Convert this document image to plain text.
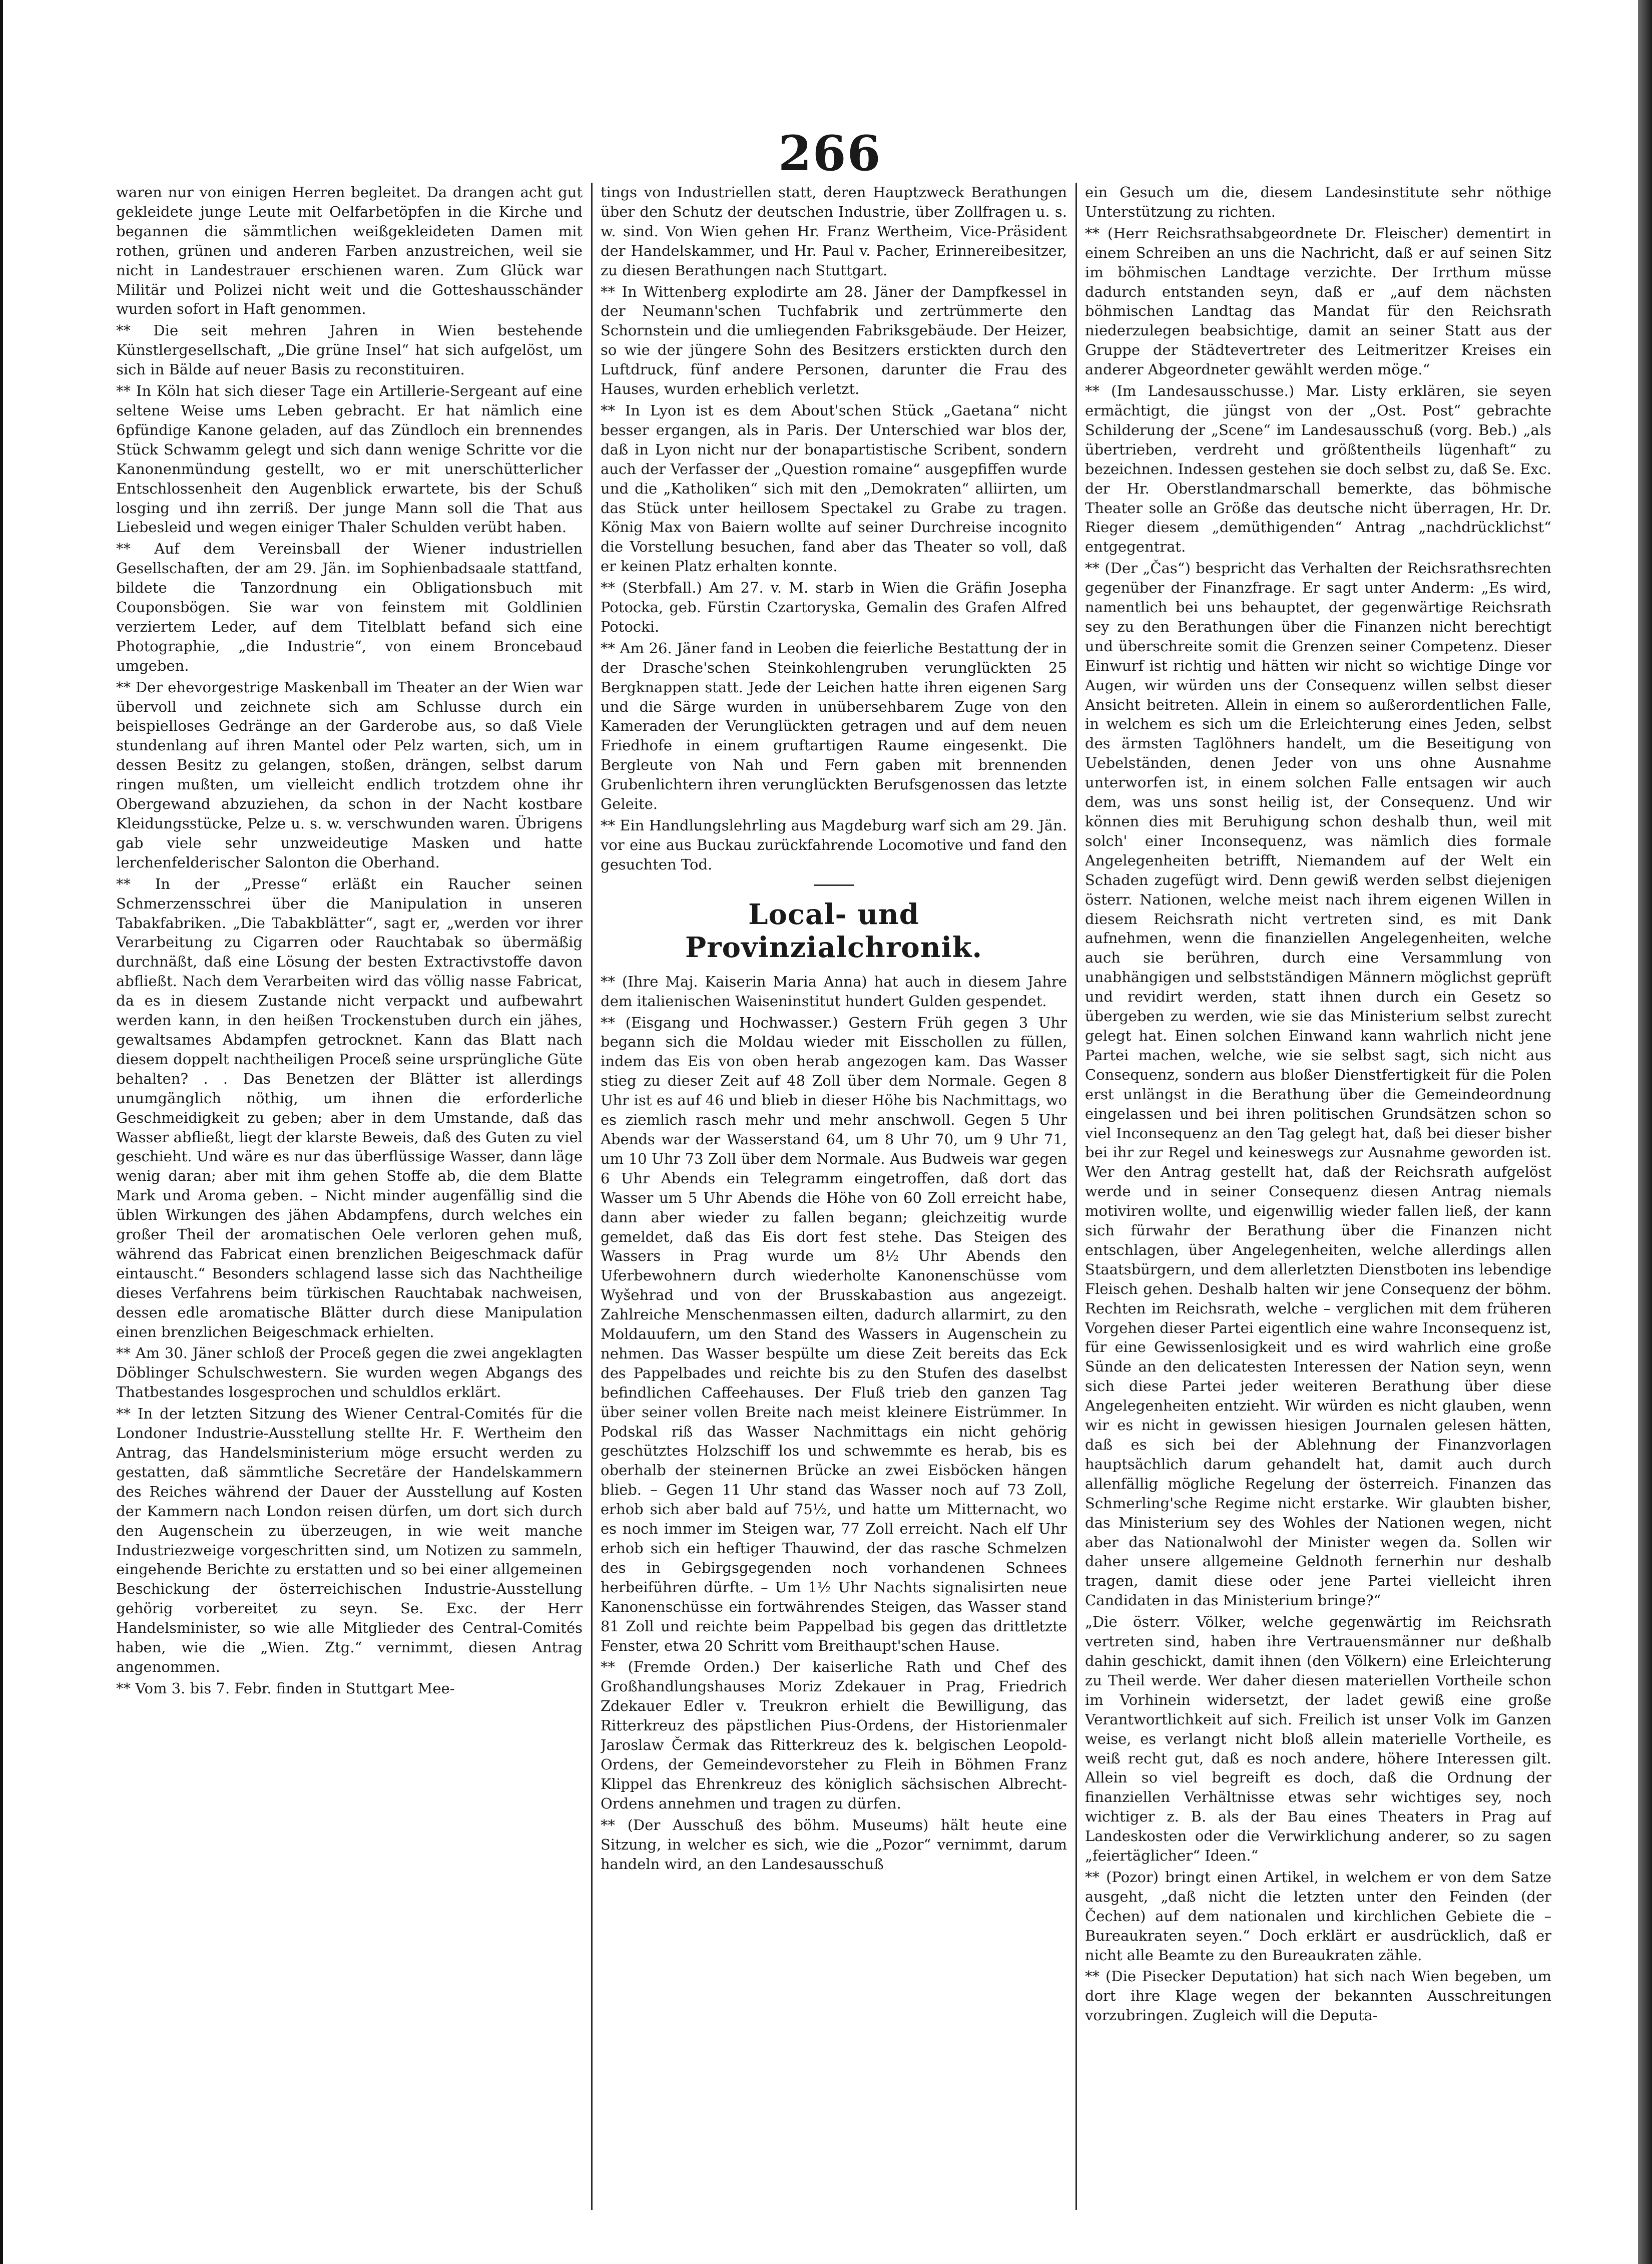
266

waren nur von einigen Herren begleitet. Da drangen acht gut gekleidete junge Leute mit Oelfarbetöpfen in die Kirche und begannen die sämmtlichen weißgekleideten Damen mit rothen, grünen und anderen Farben anzustreichen, weil sie nicht in Landestrauer erschienen waren. Zum Glück war Militär und Polizei nicht weit und die Gotteshausschänder wurden sofort in Haft genommen.

** Die seit mehren Jahren in Wien bestehende Künstlergesellschaft, „Die grüne Insel“ hat sich aufgelöst, um sich in Bälde auf neuer Basis zu reconstituiren.

** In Köln hat sich dieser Tage ein Artillerie-Sergeant auf eine seltene Weise ums Leben gebracht. Er hat nämlich eine 6pfündige Kanone geladen, auf das Zündloch ein brennendes Stück Schwamm gelegt und sich dann wenige Schritte vor die Kanonenmündung gestellt, wo er mit unerschütterlicher Entschlossenheit den Augenblick erwartete, bis der Schuß losging und ihn zerriß. Der junge Mann soll die That aus Liebesleid und wegen einiger Thaler Schulden verübt haben.

** Auf dem Vereinsball der Wiener industriellen Gesellschaften, der am 29. Jän. im Sophienbadsaale stattfand, bildete die Tanzordnung ein Obligationsbuch mit Couponsbögen. Sie war von feinstem mit Goldlinien verziertem Leder, auf dem Titelblatt befand sich eine Photographie, „die Industrie“, von einem Broncebaud umgeben.

** Der ehevorgestrige Maskenball im Theater an der Wien war übervoll und zeichnete sich am Schlusse durch ein beispielloses Gedränge an der Garderobe aus, so daß Viele stundenlang auf ihren Mantel oder Pelz warten, sich, um in dessen Besitz zu gelangen, stoßen, drängen, selbst darum ringen mußten, um vielleicht endlich trotzdem ohne ihr Obergewand abzuziehen, da schon in der Nacht kostbare Kleidungsstücke, Pelze u. s. w. verschwunden waren. Übrigens gab viele sehr unzweideutige Masken und hatte lerchenfelderischer Salonton die Oberhand.

** In der „Presse“ erläßt ein Raucher seinen Schmerzensschrei über die Manipulation in unseren Tabakfabriken. „Die Tabakblätter“, sagt er, „werden vor ihrer Verarbeitung zu Cigarren oder Rauchtabak so übermäßig durchnäßt, daß eine Lösung der besten Extractivstoffe davon abfließt. Nach dem Verarbeiten wird das völlig nasse Fabricat, da es in diesem Zustande nicht verpackt und aufbewahrt werden kann, in den heißen Trockenstuben durch ein jähes, gewaltsames Abdampfen getrocknet. Kann das Blatt nach diesem doppelt nachtheiligen Proceß seine ursprüngliche Güte behalten? . . Das Benetzen der Blätter ist allerdings unumgänglich nöthig, um ihnen die erforderliche Geschmeidigkeit zu geben; aber in dem Umstande, daß das Wasser abfließt, liegt der klarste Beweis, daß des Guten zu viel geschieht. Und wäre es nur das überflüssige Wasser, dann läge wenig daran; aber mit ihm gehen Stoffe ab, die dem Blatte Mark und Aroma geben. – Nicht minder augenfällig sind die üblen Wirkungen des jähen Abdampfens, durch welches ein großer Theil der aromatischen Oele verloren gehen muß, während das Fabricat einen brenzlichen Beigeschmack dafür eintauscht.“ Besonders schlagend lasse sich das Nachtheilige dieses Verfahrens beim türkischen Rauchtabak nachweisen, dessen edle aromatische Blätter durch diese Manipulation einen brenzlichen Beigeschmack erhielten.

** Am 30. Jäner schloß der Proceß gegen die zwei angeklagten Döblinger Schulschwestern. Sie wurden wegen Abgangs des Thatbestandes losgesprochen und schuldlos erklärt.

** In der letzten Sitzung des Wiener Central-Comités für die Londoner Industrie-Ausstellung stellte Hr. F. Wertheim den Antrag, das Handelsministerium möge ersucht werden zu gestatten, daß sämmtliche Secretäre der Handelskammern des Reiches während der Dauer der Ausstellung auf Kosten der Kammern nach London reisen dürfen, um dort sich durch den Augenschein zu überzeugen, in wie weit manche Industriezweige vorgeschritten sind, um Notizen zu sammeln, eingehende Berichte zu erstatten und so bei einer allgemeinen Beschickung der österreichischen Industrie-Ausstellung gehörig vorbereitet zu seyn. Se. Exc. der Herr Handelsminister, so wie alle Mitglieder des Central-Comités haben, wie die „Wien. Ztg.“ vernimmt, diesen Antrag angenommen.

** Vom 3. bis 7. Febr. finden in Stuttgart Mee-

tings von Industriellen statt, deren Hauptzweck Berathungen über den Schutz der deutschen Industrie, über Zollfragen u. s. w. sind. Von Wien gehen Hr. Franz Wertheim, Vice-Präsident der Handelskammer, und Hr. Paul v. Pacher, Erinnereibesitzer, zu diesen Berathungen nach Stuttgart.

** In Wittenberg explodirte am 28. Jäner der Dampfkessel in der Neumann'schen Tuchfabrik und zertrümmerte den Schornstein und die umliegenden Fabriksgebäude. Der Heizer, so wie der jüngere Sohn des Besitzers erstickten durch den Luftdruck, fünf andere Personen, darunter die Frau des Hauses, wurden erheblich verletzt.

** In Lyon ist es dem About'schen Stück „Gaetana“ nicht besser ergangen, als in Paris. Der Unterschied war blos der, daß in Lyon nicht nur der bonapartistische Scribent, sondern auch der Verfasser der „Question romaine“ ausgepfiffen wurde und die „Katholiken“ sich mit den „Demokraten“ alliirten, um das Stück unter heillosem Spectakel zu Grabe zu tragen. König Max von Baiern wollte auf seiner Durchreise incognito die Vorstellung besuchen, fand aber das Theater so voll, daß er keinen Platz erhalten konnte.

** (Sterbfall.) Am 27. v. M. starb in Wien die Gräfin Josepha Potocka, geb. Fürstin Czartoryska, Gemalin des Grafen Alfred Potocki.

** Am 26. Jäner fand in Leoben die feierliche Bestattung der in der Drasche'schen Steinkohlengruben verunglückten 25 Bergknappen statt. Jede der Leichen hatte ihren eigenen Sarg und die Särge wurden in unübersehbarem Zuge von den Kameraden der Verunglückten getragen und auf dem neuen Friedhofe in einem gruftartigen Raume eingesenkt. Die Bergleute von Nah und Fern gaben mit brennenden Grubenlichtern ihren verunglückten Berufsgenossen das letzte Geleite.

** Ein Handlungslehrling aus Magdeburg warf sich am 29. Jän. vor eine aus Buckau zurückfahrende Locomotive und fand den gesuchten Tod.

Local- und Provinzialchronik.

** (Ihre Maj. Kaiserin Maria Anna) hat auch in diesem Jahre dem italienischen Waiseninstitut hundert Gulden gespendet.

** (Eisgang und Hochwasser.) Gestern Früh gegen 3 Uhr begann sich die Moldau wieder mit Eisschollen zu füllen, indem das Eis von oben herab angezogen kam. Das Wasser stieg zu dieser Zeit auf 48 Zoll über dem Normale. Gegen 8 Uhr ist es auf 46 und blieb in dieser Höhe bis Nachmittags, wo es ziemlich rasch mehr und mehr anschwoll. Gegen 5 Uhr Abends war der Wasserstand 64, um 8 Uhr 70, um 9 Uhr 71, um 10 Uhr 73 Zoll über dem Normale. Aus Budweis war gegen 6 Uhr Abends ein Telegramm eingetroffen, daß dort das Wasser um 5 Uhr Abends die Höhe von 60 Zoll erreicht habe, dann aber wieder zu fallen begann; gleichzeitig wurde gemeldet, daß das Eis dort fest stehe. Das Steigen des Wassers in Prag wurde um 8½ Uhr Abends den Uferbewohnern durch wiederholte Kanonenschüsse vom Wyšehrad und von der Brusskabastion aus angezeigt. Zahlreiche Menschenmassen eilten, dadurch allarmirt, zu den Moldauufern, um den Stand des Wassers in Augenschein zu nehmen. Das Wasser bespülte um diese Zeit bereits das Eck des Pappelbades und reichte bis zu den Stufen des daselbst befindlichen Caffeehauses. Der Fluß trieb den ganzen Tag über seiner vollen Breite nach meist kleinere Eistrümmer. In Podskal riß das Wasser Nachmittags ein nicht gehörig geschütztes Holzschiff los und schwemmte es herab, bis es oberhalb der steinernen Brücke an zwei Eisböcken hängen blieb. – Gegen 11 Uhr stand das Wasser noch auf 73 Zoll, erhob sich aber bald auf 75½, und hatte um Mitternacht, wo es noch immer im Steigen war, 77 Zoll erreicht. Nach elf Uhr erhob sich ein heftiger Thauwind, der das rasche Schmelzen des in Gebirgsgegenden noch vorhandenen Schnees herbeiführen dürfte. – Um 1½ Uhr Nachts signalisirten neue Kanonenschüsse ein fortwährendes Steigen, das Wasser stand 81 Zoll und reichte beim Pappelbad bis gegen das drittletzte Fenster, etwa 20 Schritt vom Breithaupt'schen Hause.

** (Fremde Orden.) Der kaiserliche Rath und Chef des Großhandlungshauses Moriz Zdekauer in Prag, Friedrich Zdekauer Edler v. Treukron erhielt die Bewilligung, das Ritterkreuz des päpstlichen Pius-Ordens, der Historienmaler Jaroslaw Čermak das Ritterkreuz des k. belgischen Leopold-Ordens, der Gemeindevorsteher zu Fleih in Böhmen Franz Klippel das Ehrenkreuz des königlich sächsischen Albrecht-Ordens annehmen und tragen zu dürfen.

** (Der Ausschuß des böhm. Museums) hält heute eine Sitzung, in welcher es sich, wie die „Pozor“ vernimmt, darum handeln wird, an den Landesausschuß

ein Gesuch um die, diesem Landesinstitute sehr nöthige Unterstützung zu richten.

** (Herr Reichsrathsabgeordnete Dr. Fleischer) dementirt in einem Schreiben an uns die Nachricht, daß er auf seinen Sitz im böhmischen Landtage verzichte. Der Irrthum müsse dadurch entstanden seyn, daß er „auf dem nächsten böhmischen Landtag das Mandat für den Reichsrath niederzulegen beabsichtige, damit an seiner Statt aus der Gruppe der Städtevertreter des Leitmeritzer Kreises ein anderer Abgeordneter gewählt werden möge.“

** (Im Landesausschusse.) Mar. Listy erklären, sie seyen ermächtigt, die jüngst von der „Ost. Post“ gebrachte Schilderung der „Scene“ im Landesausschuß (vorg. Beb.) „als übertrieben, verdreht und größtentheils lügenhaft“ zu bezeichnen. Indessen gestehen sie doch selbst zu, daß Se. Exc. der Hr. Oberstlandmarschall bemerkte, das böhmische Theater solle an Größe das deutsche nicht überragen, Hr. Dr. Rieger diesem „demüthigenden“ Antrag „nachdrücklichst“ entgegentrat.

** (Der „Čas“) bespricht das Verhalten der Reichsrathsrechten gegenüber der Finanzfrage. Er sagt unter Anderm: „Es wird, namentlich bei uns behauptet, der gegenwärtige Reichsrath sey zu den Berathungen über die Finanzen nicht berechtigt und überschreite somit die Grenzen seiner Competenz. Dieser Einwurf ist richtig und hätten wir nicht so wichtige Dinge vor Augen, wir würden uns der Consequenz willen selbst dieser Ansicht beitreten. Allein in einem so außerordentlichen Falle, in welchem es sich um die Erleichterung eines Jeden, selbst des ärmsten Taglöhners handelt, um die Beseitigung von Uebelständen, denen Jeder von uns ohne Ausnahme unterworfen ist, in einem solchen Falle entsagen wir auch dem, was uns sonst heilig ist, der Consequenz. Und wir können dies mit Beruhigung schon deshalb thun, weil mit solch' einer Inconsequenz, was nämlich dies formale Angelegenheiten betrifft, Niemandem auf der Welt ein Schaden zugefügt wird. Denn gewiß werden selbst diejenigen österr. Nationen, welche meist nach ihrem eigenen Willen in diesem Reichsrath nicht vertreten sind, es mit Dank aufnehmen, wenn die finanziellen Angelegenheiten, welche auch sie berühren, durch eine Versammlung von unabhängigen und selbstständigen Männern möglichst geprüft und revidirt werden, statt ihnen durch ein Gesetz so übergeben zu werden, wie sie das Ministerium selbst zurecht gelegt hat. Einen solchen Einwand kann wahrlich nicht jene Partei machen, welche, wie sie selbst sagt, sich nicht aus Consequenz, sondern aus bloßer Dienstfertigkeit für die Polen erst unlängst in die Berathung über die Gemeindeordnung eingelassen und bei ihren politischen Grundsätzen schon so viel Inconsequenz an den Tag gelegt hat, daß bei dieser bisher bei ihr zur Regel und keineswegs zur Ausnahme geworden ist. Wer den Antrag gestellt hat, daß der Reichsrath aufgelöst werde und in seiner Consequenz diesen Antrag niemals motiviren wollte, und eigenwillig wieder fallen ließ, der kann sich fürwahr der Berathung über die Finanzen nicht entschlagen, über Angelegenheiten, welche allerdings allen Staatsbürgern, und dem allerletzten Dienstboten ins lebendige Fleisch gehen. Deshalb halten wir jene Consequenz der böhm. Rechten im Reichsrath, welche – verglichen mit dem früheren Vorgehen dieser Partei eigentlich eine wahre Inconsequenz ist, für eine Gewissenlosigkeit und es wird wahrlich eine große Sünde an den delicatesten Interessen der Nation seyn, wenn sich diese Partei jeder weiteren Berathung über diese Angelegenheiten entzieht. Wir würden es nicht glauben, wenn wir es nicht in gewissen hiesigen Journalen gelesen hätten, daß es sich bei der Ablehnung der Finanzvorlagen hauptsächlich darum gehandelt hat, damit auch durch allenfällig mögliche Regelung der österreich. Finanzen das Schmerling'sche Regime nicht erstarke. Wir glaubten bisher, das Ministerium sey des Wohles der Nationen wegen, nicht aber das Nationalwohl der Minister wegen da. Sollen wir daher unsere allgemeine Geldnoth fernerhin nur deshalb tragen, damit diese oder jene Partei vielleicht ihren Candidaten in das Ministerium bringe?“

„Die österr. Völker, welche gegenwärtig im Reichsrath vertreten sind, haben ihre Vertrauensmänner nur deßhalb dahin geschickt, damit ihnen (den Völkern) eine Erleichterung zu Theil werde. Wer daher diesen materiellen Vortheile schon im Vorhinein widersetzt, der ladet gewiß eine große Verantwortlichkeit auf sich. Freilich ist unser Volk im Ganzen weise, es verlangt nicht bloß allein materielle Vortheile, es weiß recht gut, daß es noch andere, höhere Interessen gilt. Allein so viel begreift es doch, daß die Ordnung der finanziellen Verhältnisse etwas sehr wichtiges sey, noch wichtiger z. B. als der Bau eines Theaters in Prag auf Landeskosten oder die Verwirklichung anderer, so zu sagen „feiertäglicher“ Ideen.“

** (Pozor) bringt einen Artikel, in welchem er von dem Satze ausgeht, „daß nicht die letzten unter den Feinden (der Čechen) auf dem nationalen und kirchlichen Gebiete die – Bureaukraten seyen.“ Doch erklärt er ausdrücklich, daß er nicht alle Beamte zu den Bureaukraten zähle.

** (Die Pisecker Deputation) hat sich nach Wien begeben, um dort ihre Klage wegen der bekannten Ausschreitungen vorzubringen. Zugleich will die Deputa-
